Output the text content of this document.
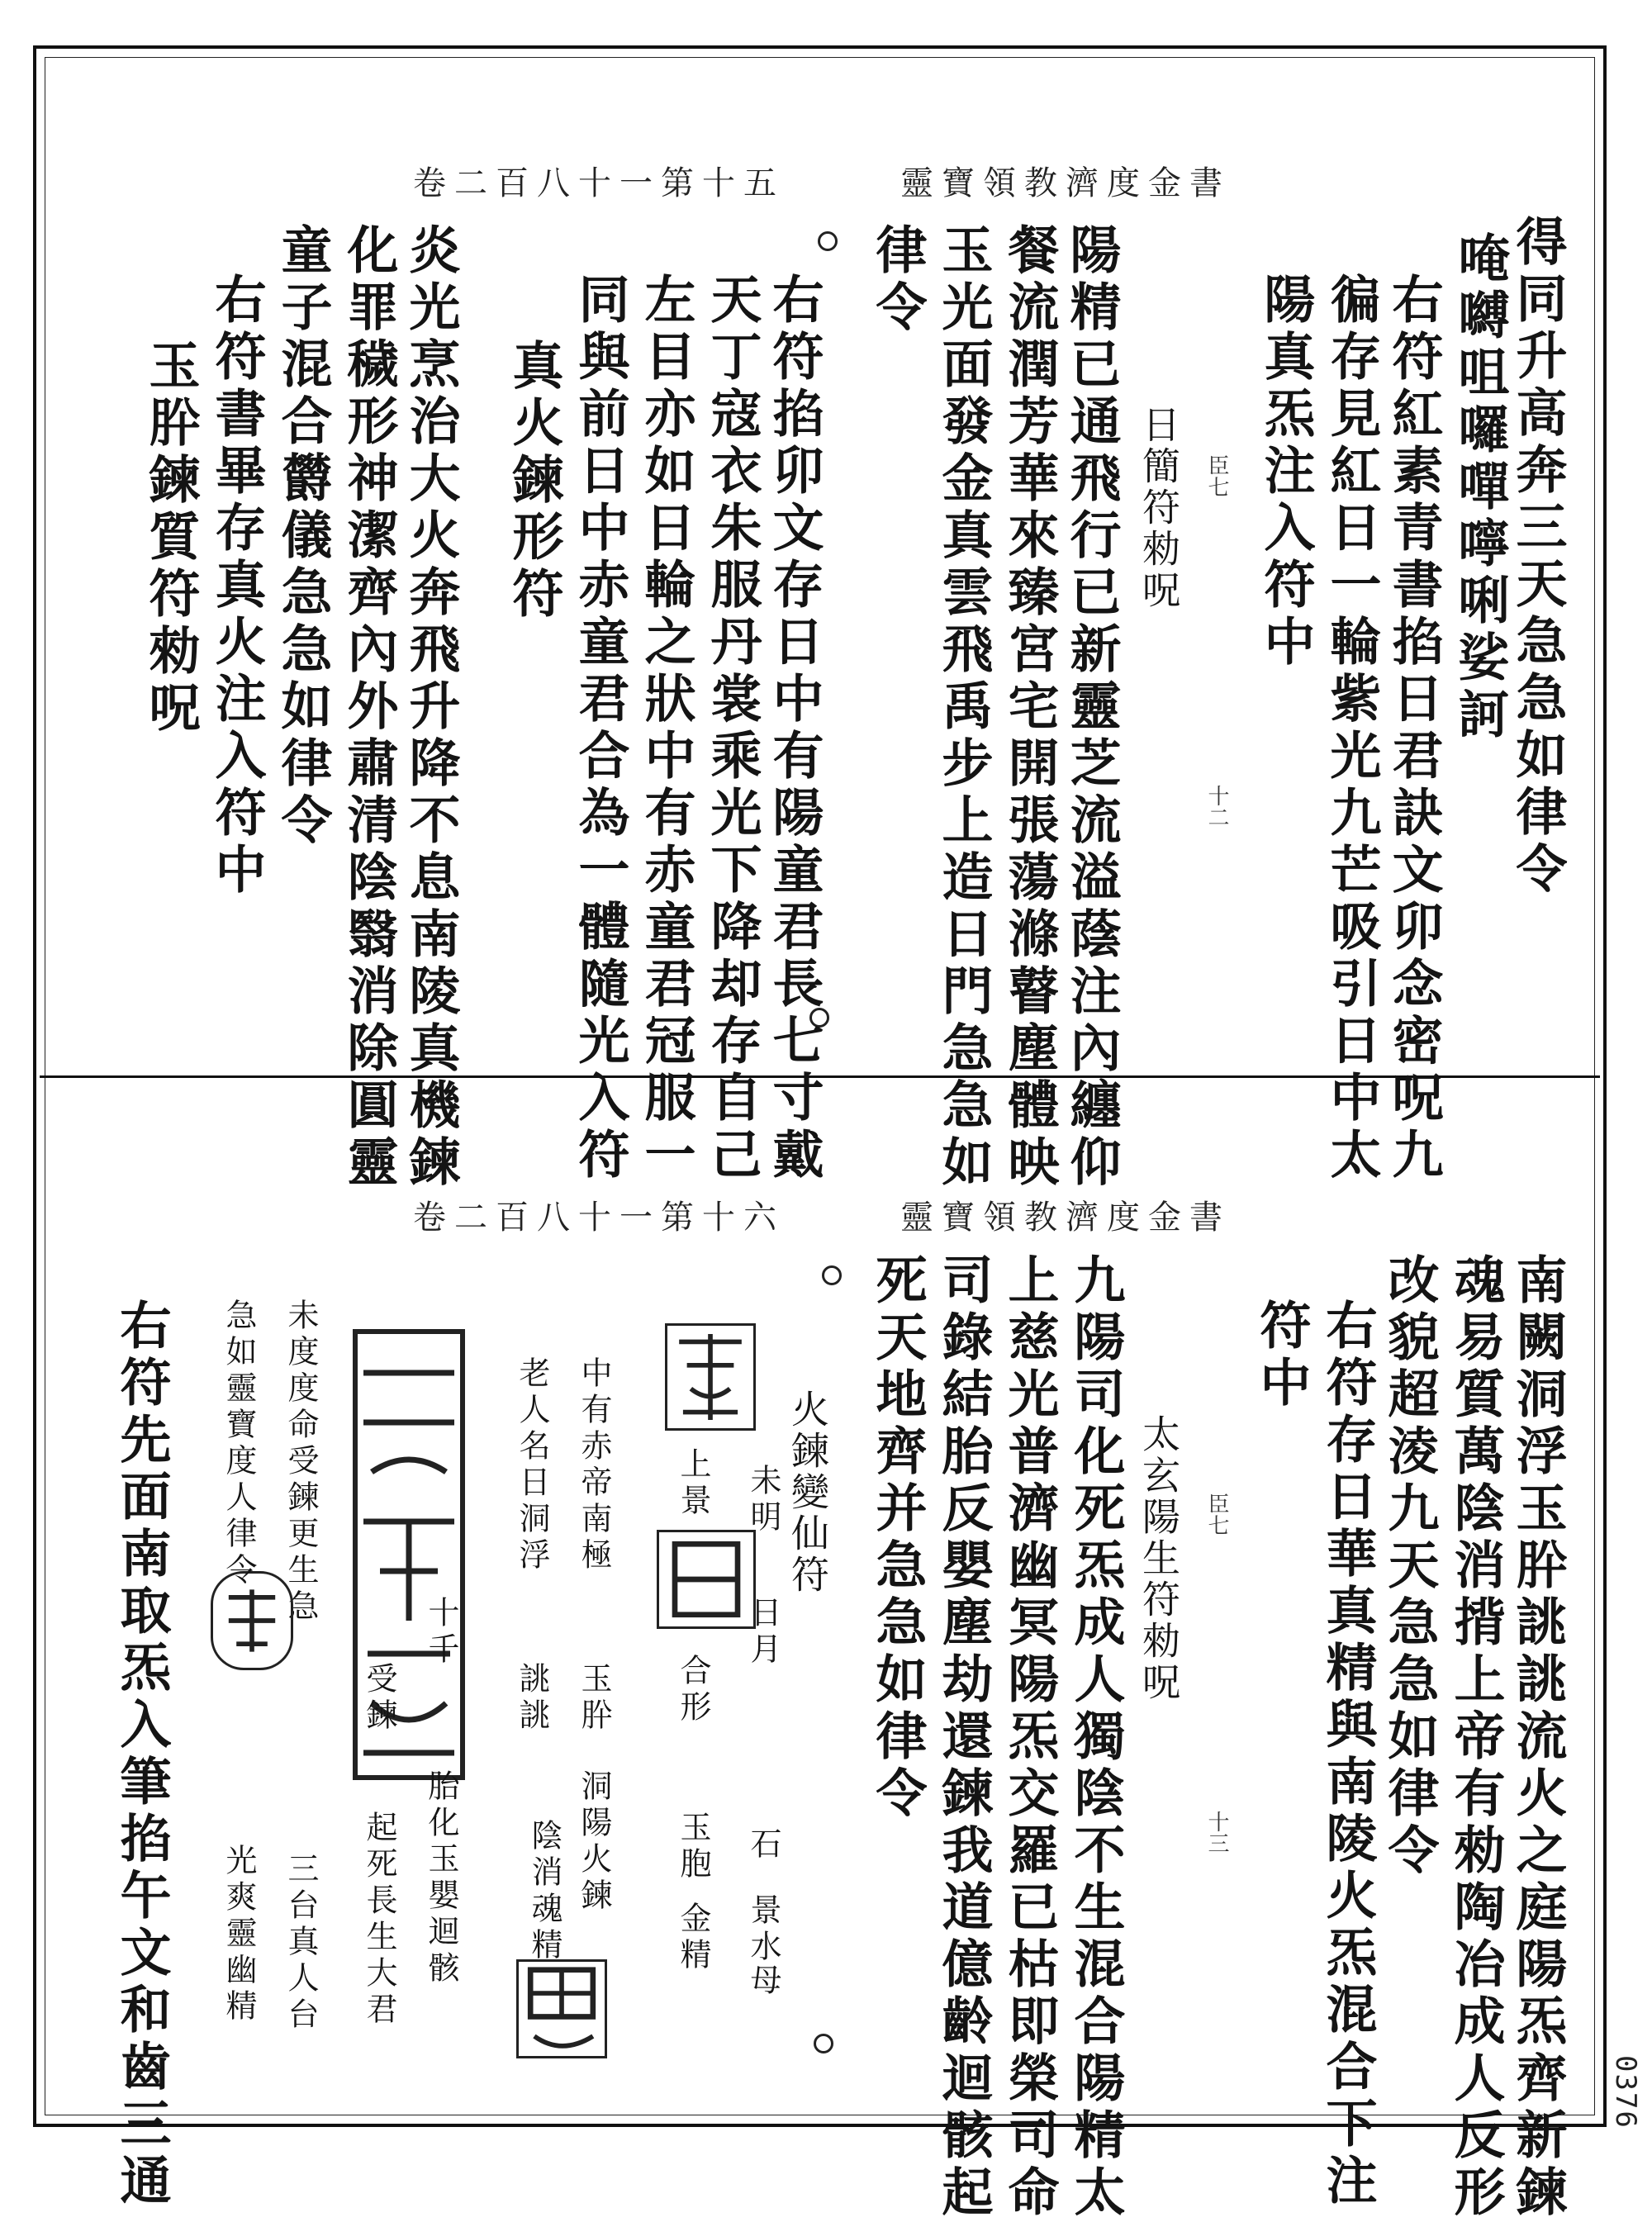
卷二百八十一第十五	靈寶領教濟度金書
得同升高奔三天急急如律令
唵嚩咀囉嘽嚀唎娑訶
右符紅素青書掐日君訣文卯念密呪九
徧存見紅日一輪紫光九芒吸引日中太
陽真炁注入符中
臣七
日簡符勑呪
十二
陽精已通飛行已新靈芝流溢蔭注內纏仰
餐流潤芳華來臻宮宅開張蕩滌瞽塵體映
玉光面發金真雲飛禹步上造日門急急如
律令
右符掐卯文存日中有陽童君長七寸戴
天丁寇衣朱服丹裳乘光下降却存自己
左目亦如日輪之狀中有赤童君冠服一
同與前日中赤童君合為一體隨光入符
真火鍊形符
炎光烹治大火奔飛升降不息南陵真機鍊
化罪穢形神潔齊內外肅清陰翳消除圓靈
童子混合欝儀急急如律令
右符書畢存真火注入符中
玉肸鍊質符勑呪
卷二百八十一第十六	靈寶領教濟度金書
南闕洞浮玉肸誂誂流火之庭陽炁齊新鍊
魂易質萬陰消揹上帝有勑陶冶成人反形
改貌超淩九天急急如律令
右符存日華真精與南陵火炁混合下注
符中
臣七
太玄陽生符勑呪
十三
九陽司化死炁成人獨陰不生混合陽精太
上慈光普濟幽冥陽炁交羅已枯即榮司命
司錄結胎反嬰塵劫還鍊我道億齡迴骸起
死天地齊并急急如律令
火鍊變仙符
上景
合形
玉胞
金精
未明
日月
石
景水
母
中有赤帝南極
玉肸
洞陽火鍊
陰消魂精
老人名日洞浮
誂誂
十千
胎化玉嬰迴骸
受鍊
起死長生大君
未度度命受鍊更生急
三台真人台
急如靈寶度人律令
光爽靈幽精
右符先面南取炁入筆掐午文和齒三通	0376
